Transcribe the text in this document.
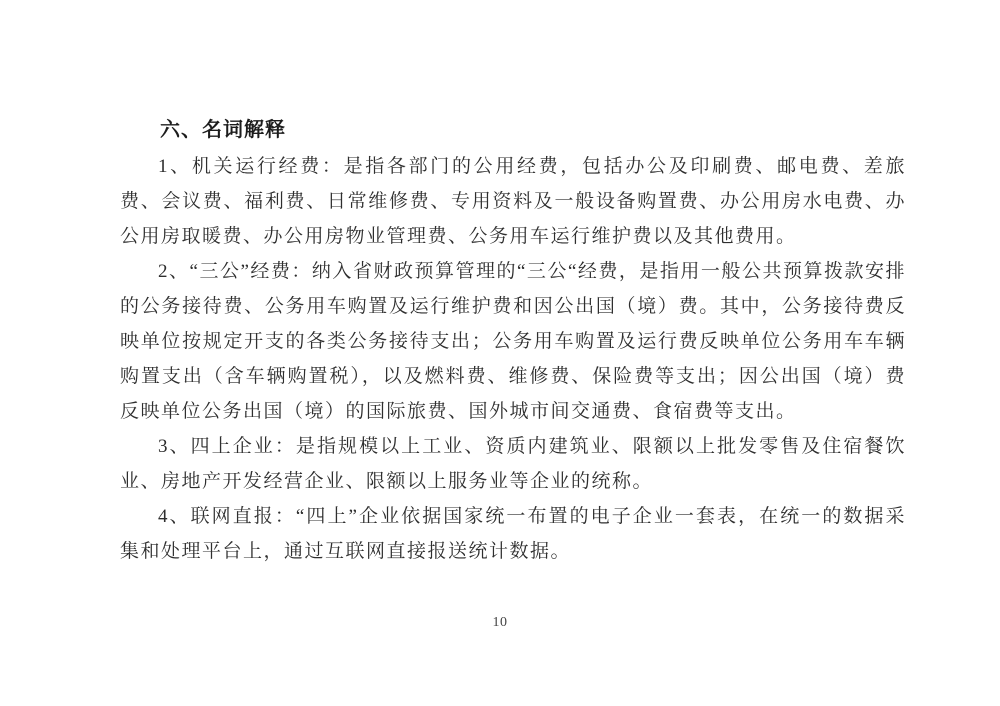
六、名词解释

1、机关运行经费：是指各部门的公用经费，包括办公及印刷费、邮电费、差旅费、会议费、福利费、日常维修费、专用资料及一般设备购置费、办公用房水电费、办公用房取暖费、办公用房物业管理费、公务用车运行维护费以及其他费用。

2、“三公”经费：纳入省财政预算管理的“三公“经费，是指用一般公共预算拨款安排的公务接待费、公务用车购置及运行维护费和因公出国（境）费。其中，公务接待费反映单位按规定开支的各类公务接待支出；公务用车购置及运行费反映单位公务用车车辆购置支出（含车辆购置税），以及燃料费、维修费、保险费等支出；因公出国（境）费反映单位公务出国（境）的国际旅费、国外城市间交通费、食宿费等支出。

3、四上企业：是指规模以上工业、资质内建筑业、限额以上批发零售及住宿餐饮业、房地产开发经营企业、限额以上服务业等企业的统称。

4、联网直报：“四上”企业依据国家统一布置的电子企业一套表，在统一的数据采集和处理平台上，通过互联网直接报送统计数据。

10
